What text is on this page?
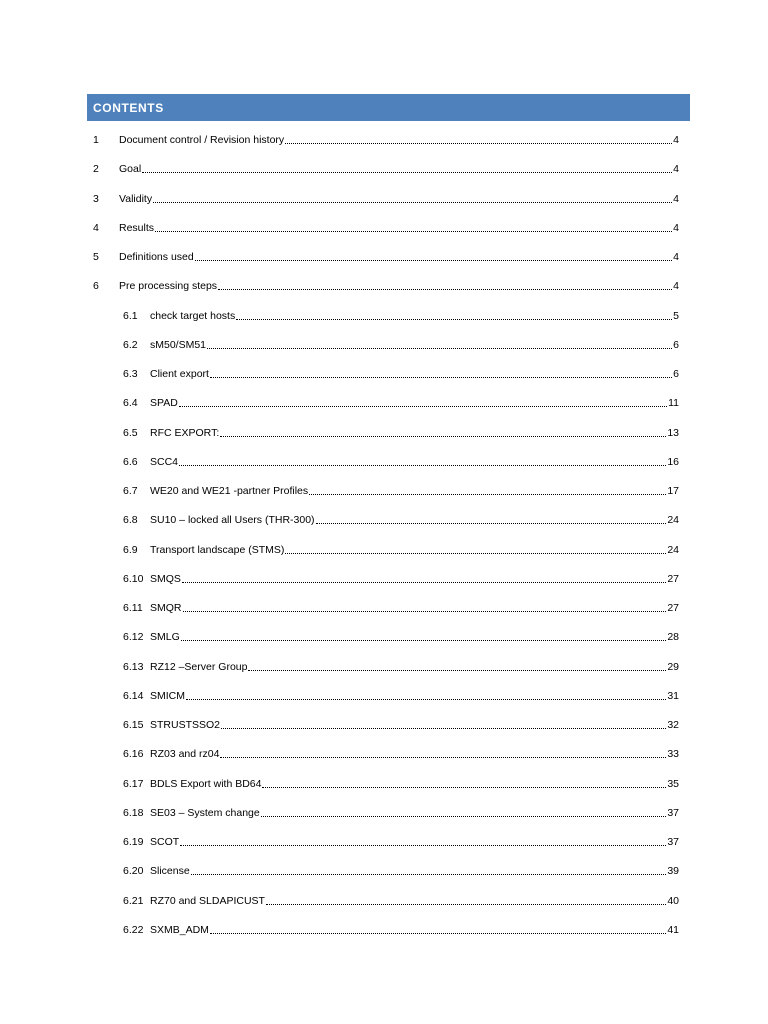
CONTENTS
1	Document control / Revision history	4
2	Goal	4
3	Validity	4
4	Results	4
5	Definitions used	4
6	Pre processing steps	4
6.1	check target hosts	5
6.2	sM50/SM51	6
6.3	Client export	6
6.4	SPAD	11
6.5	RFC EXPORT:	13
6.6	SCC4	16
6.7	WE20 and WE21 -partner Profiles	17
6.8	SU10 – locked all Users (THR-300)	24
6.9	Transport landscape (STMS)	24
6.10 SMQS	27
6.11 SMQR	27
6.12 SMLG	28
6.13 RZ12 –Server Group	29
6.14 SMICM	31
6.15 STRUSTSSO2	32
6.16 RZ03 and rz04	33
6.17 BDLS Export with BD64	35
6.18 SE03 – System change	37
6.19 SCOT	37
6.20 Slicense	39
6.21 RZ70 and SLDAPICUST	40
6.22 SXMB_ADM	41
